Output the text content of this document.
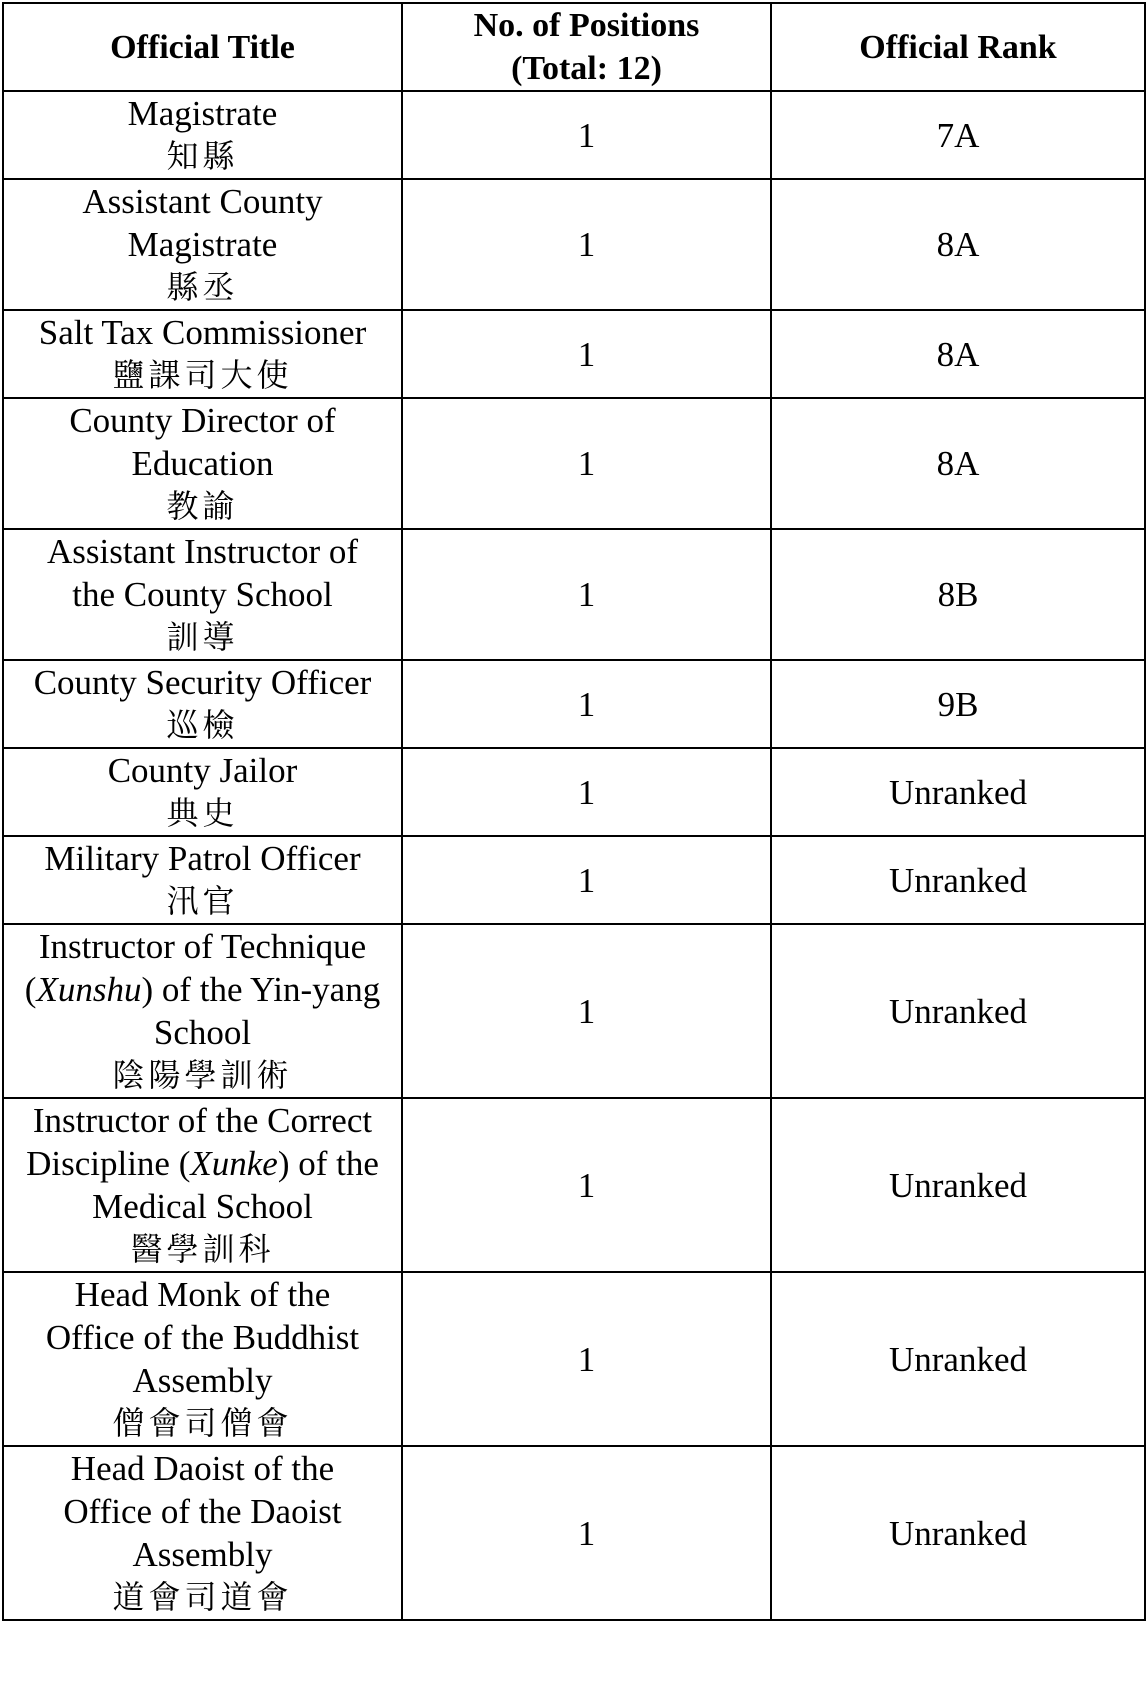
Official Title	No. of Positions (Total: 12)	Official Rank

Magistrate
知縣	1	7A

Assistant County Magistrate
縣丞	1	8A

Salt Tax Commissioner
鹽課司大使	1	8A

County Director of Education
教諭	1	8A

Assistant Instructor of the County School
訓導	1	8B

County Security Officer
巡檢	1	9B

County Jailor
典史	1	Unranked

Military Patrol Officer
汛官	1	Unranked

Instructor of Technique (Xunshu) of the Yin-yang School
陰陽學訓術	1	Unranked

Instructor of the Correct Discipline (Xunke) of the Medical School
醫學訓科	1	Unranked

Head Monk of the Office of the Buddhist Assembly
僧會司僧會	1	Unranked

Head Daoist of the Office of the Daoist Assembly
道會司道會	1	Unranked
